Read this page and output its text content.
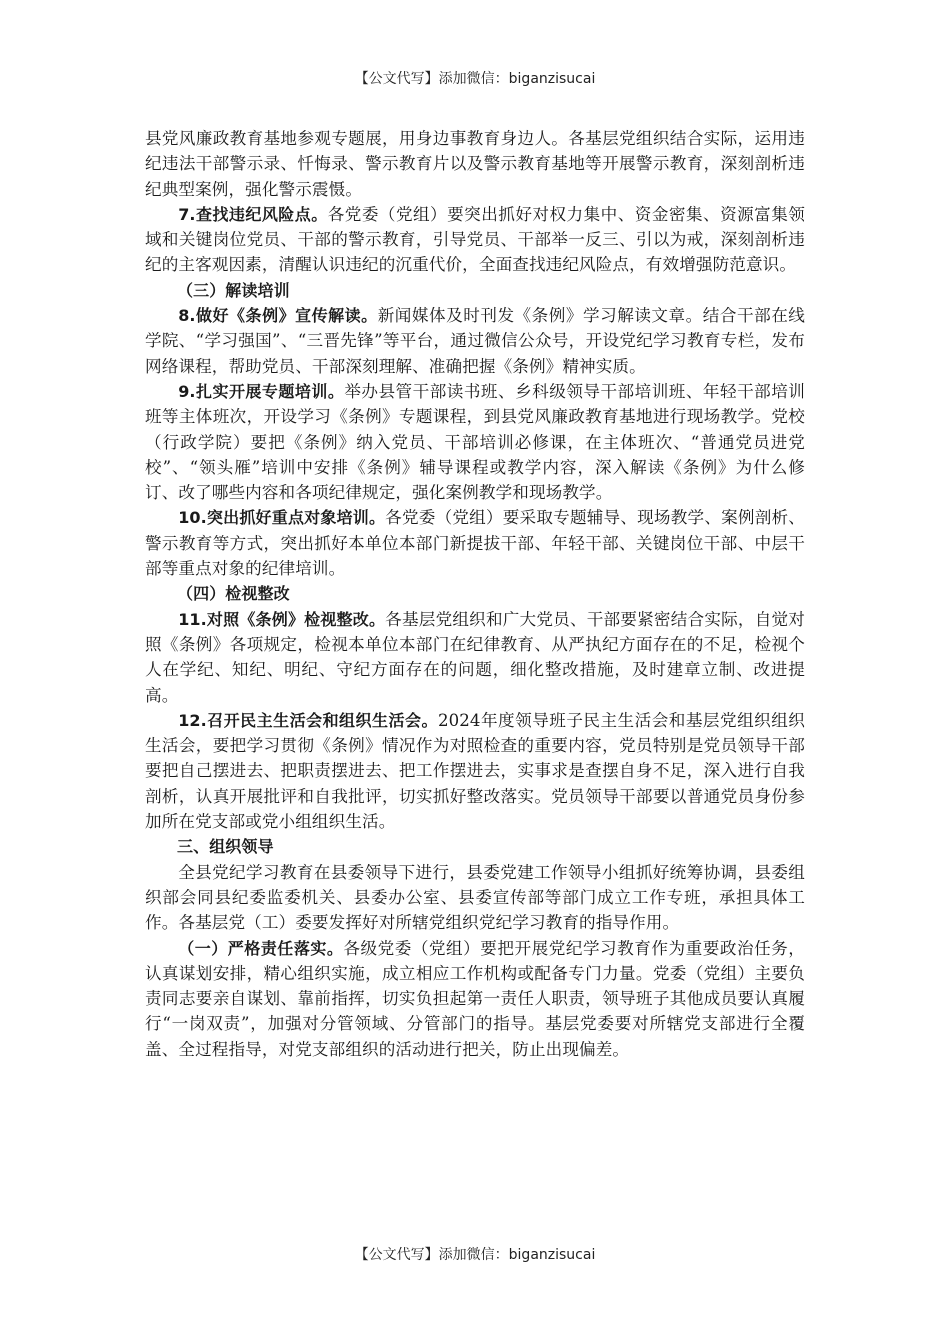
【公文代写】添加微信：biganzisucai

县党风廉政教育基地参观专题展，用身边事教育身边人。各基层党组织结合实际，运用违纪违法干部警示录、忏悔录、警示教育片以及警示教育基地等开展警示教育，深刻剖析违纪典型案例，强化警示震慑。

7.查找违纪风险点。各党委（党组）要突出抓好对权力集中、资金密集、资源富集领域和关键岗位党员、干部的警示教育，引导党员、干部举一反三、引以为戒，深刻剖析违纪的主客观因素，清醒认识违纪的沉重代价，全面查找违纪风险点，有效增强防范意识。

（三）解读培训

8.做好《条例》宣传解读。新闻媒体及时刊发《条例》学习解读文章。结合干部在线学院、“学习强国”、“三晋先锋”等平台，通过微信公众号，开设党纪学习教育专栏，发布网络课程，帮助党员、干部深刻理解、准确把握《条例》精神实质。

9.扎实开展专题培训。举办县管干部读书班、乡科级领导干部培训班、年轻干部培训班等主体班次，开设学习《条例》专题课程，到县党风廉政教育基地进行现场教学。党校（行政学院）要把《条例》纳入党员、干部培训必修课，在主体班次、“普通党员进党校”、“领头雁”培训中安排《条例》辅导课程或教学内容，深入解读《条例》为什么修订、改了哪些内容和各项纪律规定，强化案例教学和现场教学。

10.突出抓好重点对象培训。各党委（党组）要采取专题辅导、现场教学、案例剖析、警示教育等方式，突出抓好本单位本部门新提拔干部、年轻干部、关键岗位干部、中层干部等重点对象的纪律培训。

（四）检视整改

11.对照《条例》检视整改。各基层党组织和广大党员、干部要紧密结合实际，自觉对照《条例》各项规定，检视本单位本部门在纪律教育、从严执纪方面存在的不足，检视个人在学纪、知纪、明纪、守纪方面存在的问题，细化整改措施，及时建章立制、改进提高。

12.召开民主生活会和组织生活会。2024年度领导班子民主生活会和基层党组织组织生活会，要把学习贯彻《条例》情况作为对照检查的重要内容，党员特别是党员领导干部要把自己摆进去、把职责摆进去、把工作摆进去，实事求是查摆自身不足，深入进行自我剖析，认真开展批评和自我批评，切实抓好整改落实。党员领导干部要以普通党员身份参加所在党支部或党小组组织生活。

三、组织领导

全县党纪学习教育在县委领导下进行，县委党建工作领导小组抓好统筹协调，县委组织部会同县纪委监委机关、县委办公室、县委宣传部等部门成立工作专班，承担具体工作。各基层党（工）委要发挥好对所辖党组织党纪学习教育的指导作用。

（一）严格责任落实。各级党委（党组）要把开展党纪学习教育作为重要政治任务，认真谋划安排，精心组织实施，成立相应工作机构或配备专门力量。党委（党组）主要负责同志要亲自谋划、靠前指挥，切实负担起第一责任人职责，领导班子其他成员要认真履行“一岗双责”，加强对分管领域、分管部门的指导。基层党委要对所辖党支部进行全覆盖、全过程指导，对党支部组织的活动进行把关，防止出现偏差。

【公文代写】添加微信：biganzisucai
